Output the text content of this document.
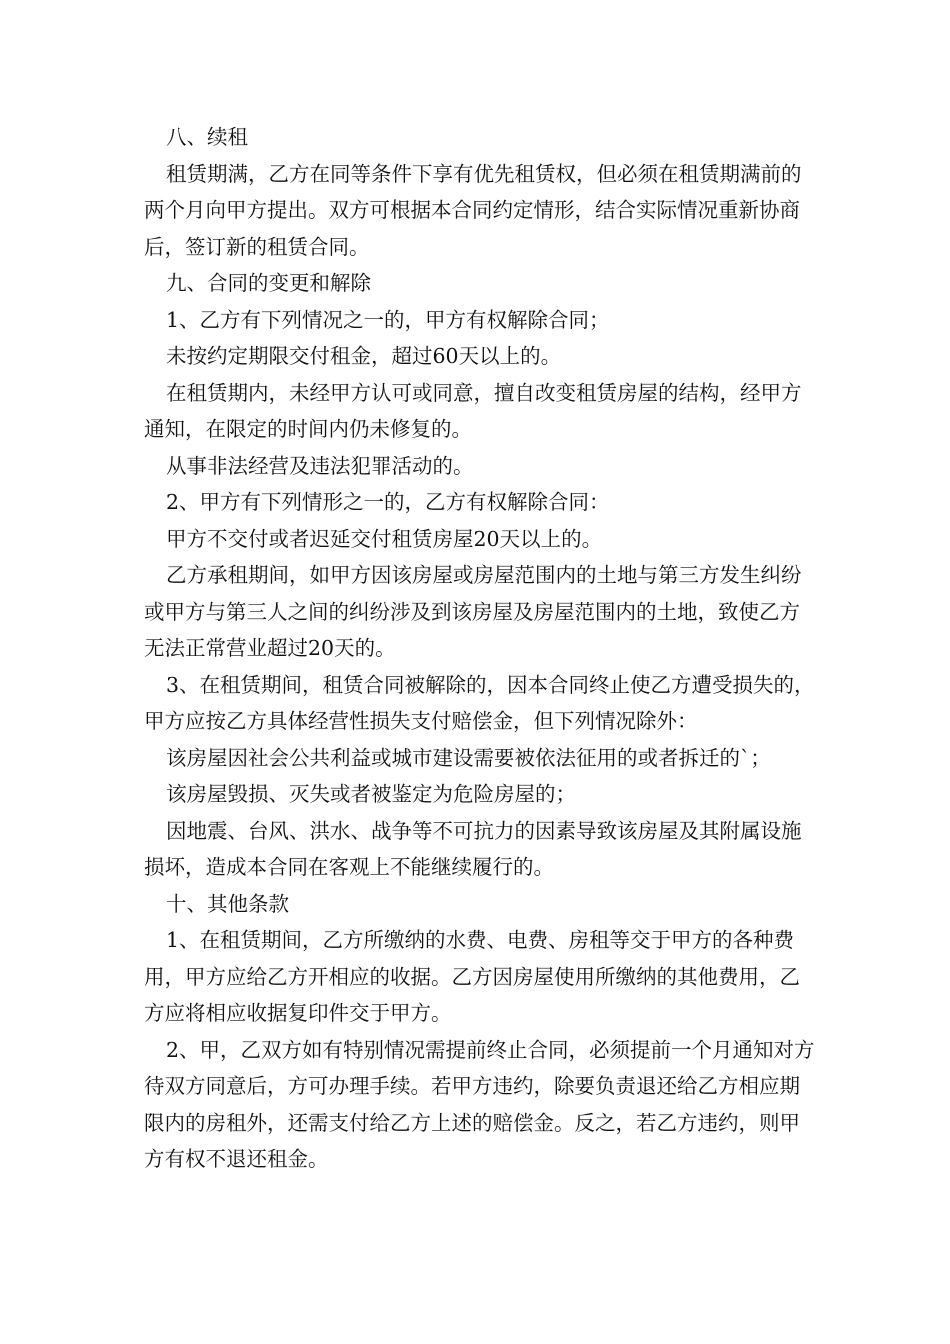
八、续租

租赁期满，乙方在同等条件下享有优先租赁权，但必须在租赁期满前的两个月向甲方提出。双方可根据本合同约定情形，结合实际情况重新协商后，签订新的租赁合同。

九、合同的变更和解除

1、乙方有下列情况之一的，甲方有权解除合同；

未按约定期限交付租金，超过60天以上的。

在租赁期内，未经甲方认可或同意，擅自改变租赁房屋的结构，经甲方通知，在限定的时间内仍未修复的。

从事非法经营及违法犯罪活动的。

2、甲方有下列情形之一的，乙方有权解除合同：

甲方不交付或者迟延交付租赁房屋20天以上的。

乙方承租期间，如甲方因该房屋或房屋范围内的土地与第三方发生纠纷或甲方与第三人之间的纠纷涉及到该房屋及房屋范围内的土地，致使乙方无法正常营业超过20天的。

3、在租赁期间，租赁合同被解除的，因本合同终止使乙方遭受损失的，甲方应按乙方具体经营性损失支付赔偿金，但下列情况除外：

该房屋因社会公共利益或城市建设需要被依法征用的或者拆迁的`；

该房屋毁损、灭失或者被鉴定为危险房屋的；

因地震、台风、洪水、战争等不可抗力的因素导致该房屋及其附属设施损坏，造成本合同在客观上不能继续履行的。

十、其他条款

1、在租赁期间，乙方所缴纳的水费、电费、房租等交于甲方的各种费用，甲方应给乙方开相应的收据。乙方因房屋使用所缴纳的其他费用，乙方应将相应收据复印件交于甲方。

2、甲，乙双方如有特别情况需提前终止合同，必须提前一个月通知对方待双方同意后，方可办理手续。若甲方违约，除要负责退还给乙方相应期限内的房租外，还需支付给乙方上述的赔偿金。反之，若乙方违约，则甲方有权不退还租金。
